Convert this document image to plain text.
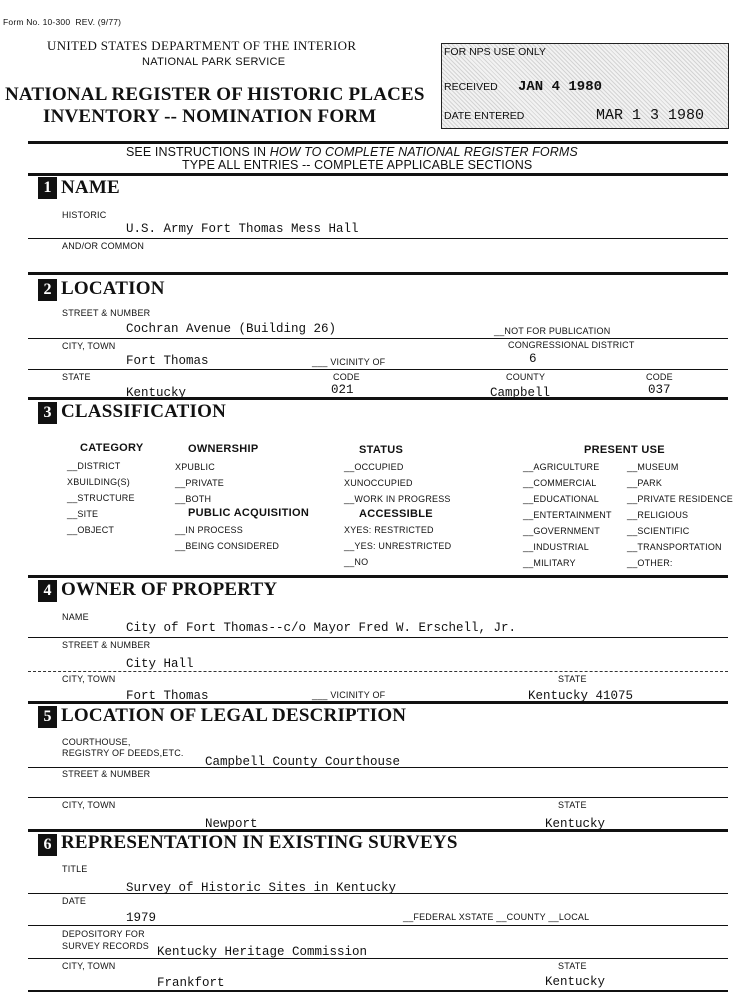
Form No. 10-300 REV. (9/77)
UNITED STATES DEPARTMENT OF THE INTERIOR
NATIONAL PARK SERVICE
NATIONAL REGISTER OF HISTORIC PLACES
INVENTORY -- NOMINATION FORM
FOR NPS USE ONLY
RECEIVED JAN 4 1980
DATE ENTERED	MAR 1 3 1980
SEE INSTRUCTIONS IN HOW TO COMPLETE NATIONAL REGISTER FORMS
TYPE ALL ENTRIES -- COMPLETE APPLICABLE SECTIONS
1 NAME
HISTORIC
U.S. Army Fort Thomas Mess Hall
AND/OR COMMON
2 LOCATION
STREET & NUMBER
Cochran Avenue (Building 26)	__NOT FOR PUBLICATION
CITY, TOWN	CONGRESSIONAL DISTRICT
Fort Thomas	___ VICINITY OF	6
STATE	CODE	COUNTY	CODE
Kentucky	021	Campbell	037
3 CLASSIFICATION
CATEGORY
__DISTRICT
XBUILDING(S)
__STRUCTURE
__SITE
__OBJECT
OWNERSHIP
XPUBLIC
__PRIVATE
__BOTH
PUBLIC ACQUISITION
__IN PROCESS
__BEING CONSIDERED
STATUS
__OCCUPIED
XUNOCCUPIED
__WORK IN PROGRESS
ACCESSIBLE
XYES: RESTRICTED
__YES: UNRESTRICTED
__NO
PRESENT USE
__AGRICULTURE
__COMMERCIAL
__EDUCATIONAL
__ENTERTAINMENT
__GOVERNMENT
__INDUSTRIAL
__MILITARY
__MUSEUM
__PARK
__PRIVATE RESIDENCE
__RELIGIOUS
__SCIENTIFIC
__TRANSPORTATION
__OTHER:
4 OWNER OF PROPERTY
NAME
City of Fort Thomas--c/o Mayor Fred W. Erschell, Jr.
STREET & NUMBER
City Hall
CITY, TOWN	STATE
Fort Thomas	___ VICINITY OF	Kentucky 41075
5 LOCATION OF LEGAL DESCRIPTION
COURTHOUSE,
REGISTRY OF DEEDS,ETC.
Campbell County Courthouse
STREET & NUMBER
CITY, TOWN	STATE
Newport	Kentucky
6 REPRESENTATION IN EXISTING SURVEYS
TITLE
Survey of Historic Sites in Kentucky
DATE
1979	__FEDERAL XSTATE __COUNTY __LOCAL
DEPOSITORY FOR
SURVEY RECORDS Kentucky Heritage Commission
CITY, TOWN	STATE
Frankfort	Kentucky
